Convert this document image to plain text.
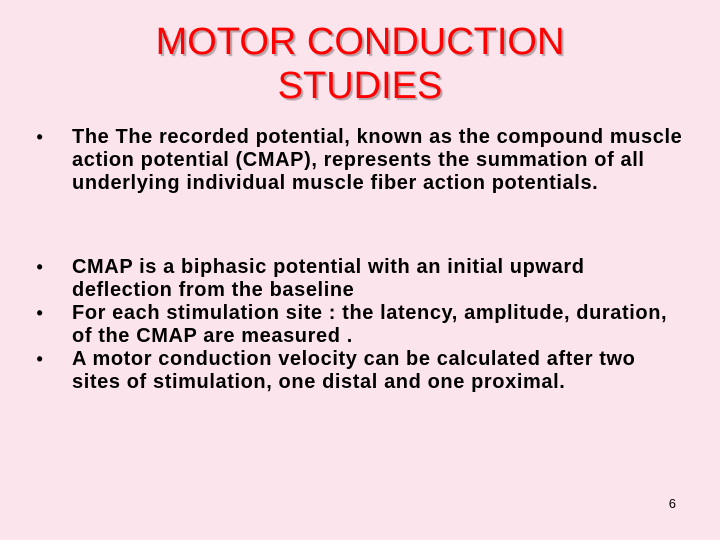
MOTOR CONDUCTION
STUDIES
•	The The recorded potential, known as the compound muscle action potential (CMAP), represents the summation of all underlying individual muscle fiber action potentials.
•	CMAP is a biphasic potential with an initial upward deflection from the baseline
•	For each stimulation site : the latency, amplitude, duration, of the CMAP are measured .
•	A motor conduction velocity can be calculated after two sites of stimulation, one distal and one proximal.
6
